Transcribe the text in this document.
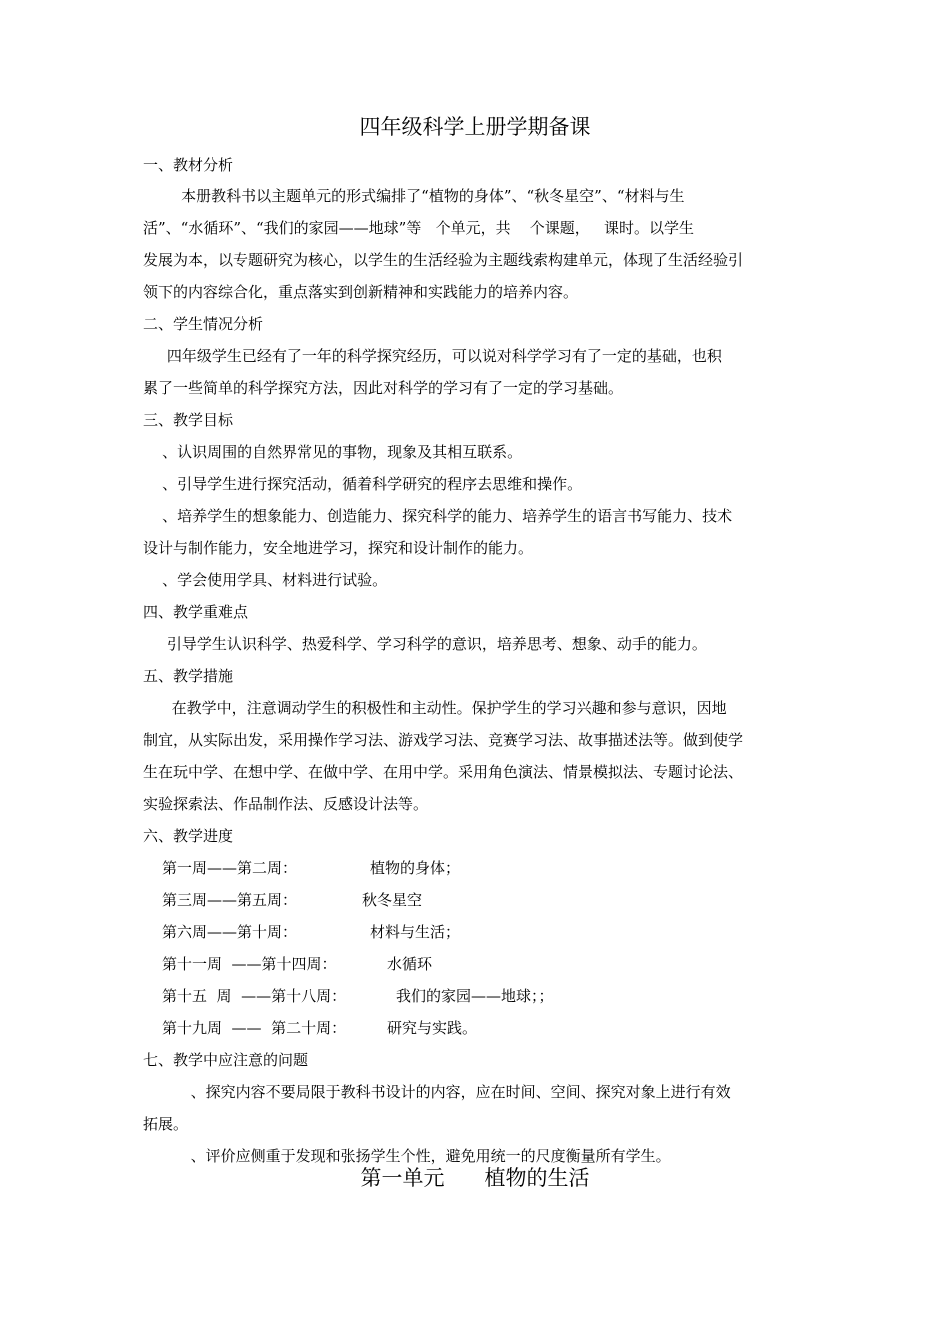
四年级科学上册学期备课
一、教材分析
本册教科书以主题单元的形式编排了“植物的身体”、“秋冬星空”、“材料与生
活”、“水循环”、“我们的家园——地球”等   个单元，共    个课题，   课时。以学生
发展为本，以专题研究为核心，以学生的生活经验为主题线索构建单元，体现了生活经验引
领下的内容综合化，重点落实到创新精神和实践能力的培养内容。
二、学生情况分析
四年级学生已经有了一年的科学探究经历，可以说对科学学习有了一定的基础，也积
累了一些简单的科学探究方法，因此对科学的学习有了一定的学习基础。
三、教学目标
、认识周围的自然界常见的事物，现象及其相互联系。
、引导学生进行探究活动，循着科学研究的程序去思维和操作。
、培养学生的想象能力、创造能力、探究科学的能力、培养学生的语言书写能力、技术
设计与制作能力，安全地进学习，探究和设计制作的能力。
、学会使用学具、材料进行试验。
四、教学重难点
引导学生认识科学、热爱科学、学习科学的意识，培养思考、想象、动手的能力。
五、教学措施
在教学中，注意调动学生的积极性和主动性。保护学生的学习兴趣和参与意识，因地
制宜，从实际出发，采用操作学习法、游戏学习法、竞赛学习法、故事描述法等。做到使学
生在玩中学、在想中学、在做中学、在用中学。采用角色演法、情景模拟法、专题讨论法、
实验探索法、作品制作法、反感设计法等。
六、教学进度
第一周——第二周：	植物的身体；
第三周——第五周：	秋冬星空
第六周——第十周：	材料与生活；
第十一周  ——第十四周：	水循环
第十五  周  ——第十八周：	我们的家园——地球；；
第十九周  ——  第二十周：	研究与实践。
七、教学中应注意的问题
、探究内容不要局限于教科书设计的内容，应在时间、空间、探究对象上进行有效
拓展。
、评价应侧重于发现和张扬学生个性，避免用统一的尺度衡量所有学生。
第一单元      植物的生活
